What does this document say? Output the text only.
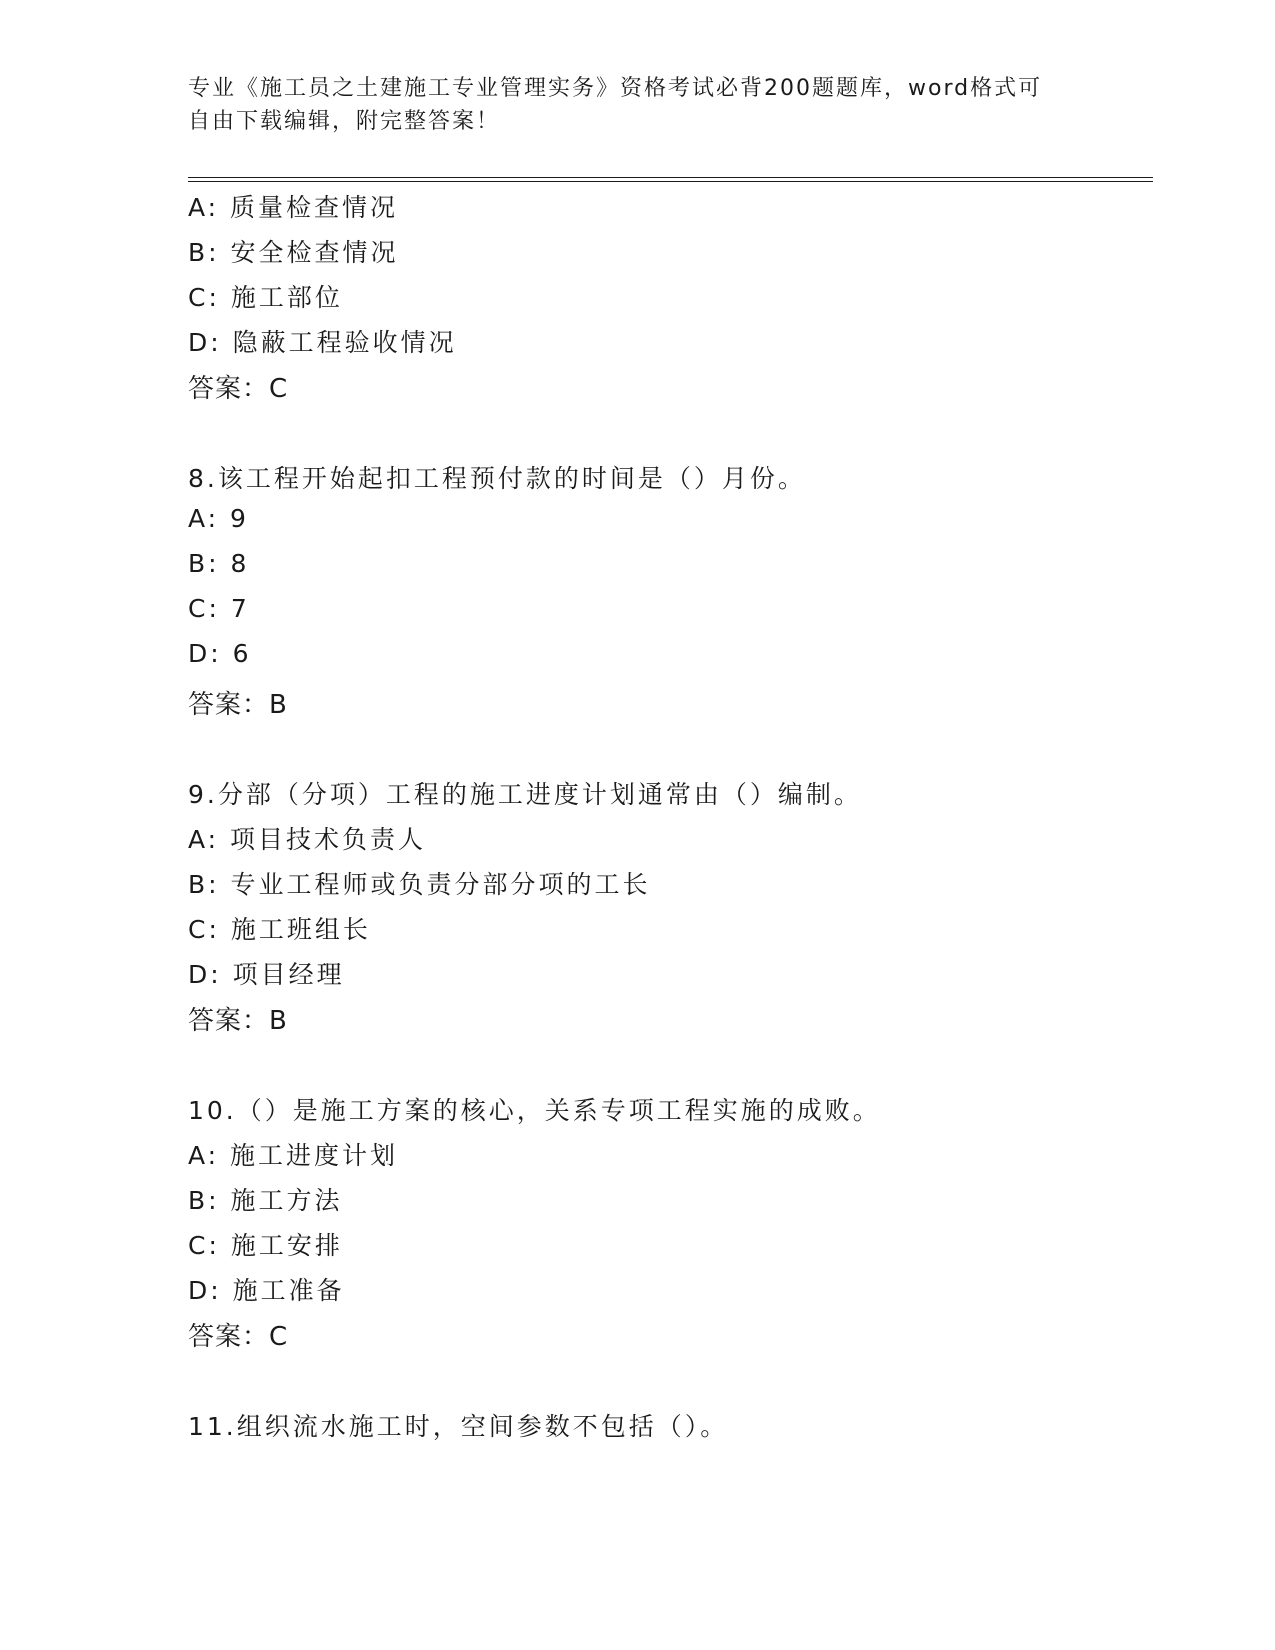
专业《施工员之土建施工专业管理实务》资格考试必背200题题库，word格式可
自由下载编辑，附完整答案！
A: 质量检查情况
B: 安全检查情况
C: 施工部位
D: 隐蔽工程验收情况
答案：C
8.该工程开始起扣工程预付款的时间是（）月份。
A: 9
B: 8
C: 7
D: 6
答案：B
9.分部（分项）工程的施工进度计划通常由（）编制。
A: 项目技术负责人
B: 专业工程师或负责分部分项的工长
C: 施工班组长
D: 项目经理
答案：B
10.（）是施工方案的核心，关系专项工程实施的成败。
A: 施工进度计划
B: 施工方法
C: 施工安排
D: 施工准备
答案：C
11.组织流水施工时，空间参数不包括（）。
